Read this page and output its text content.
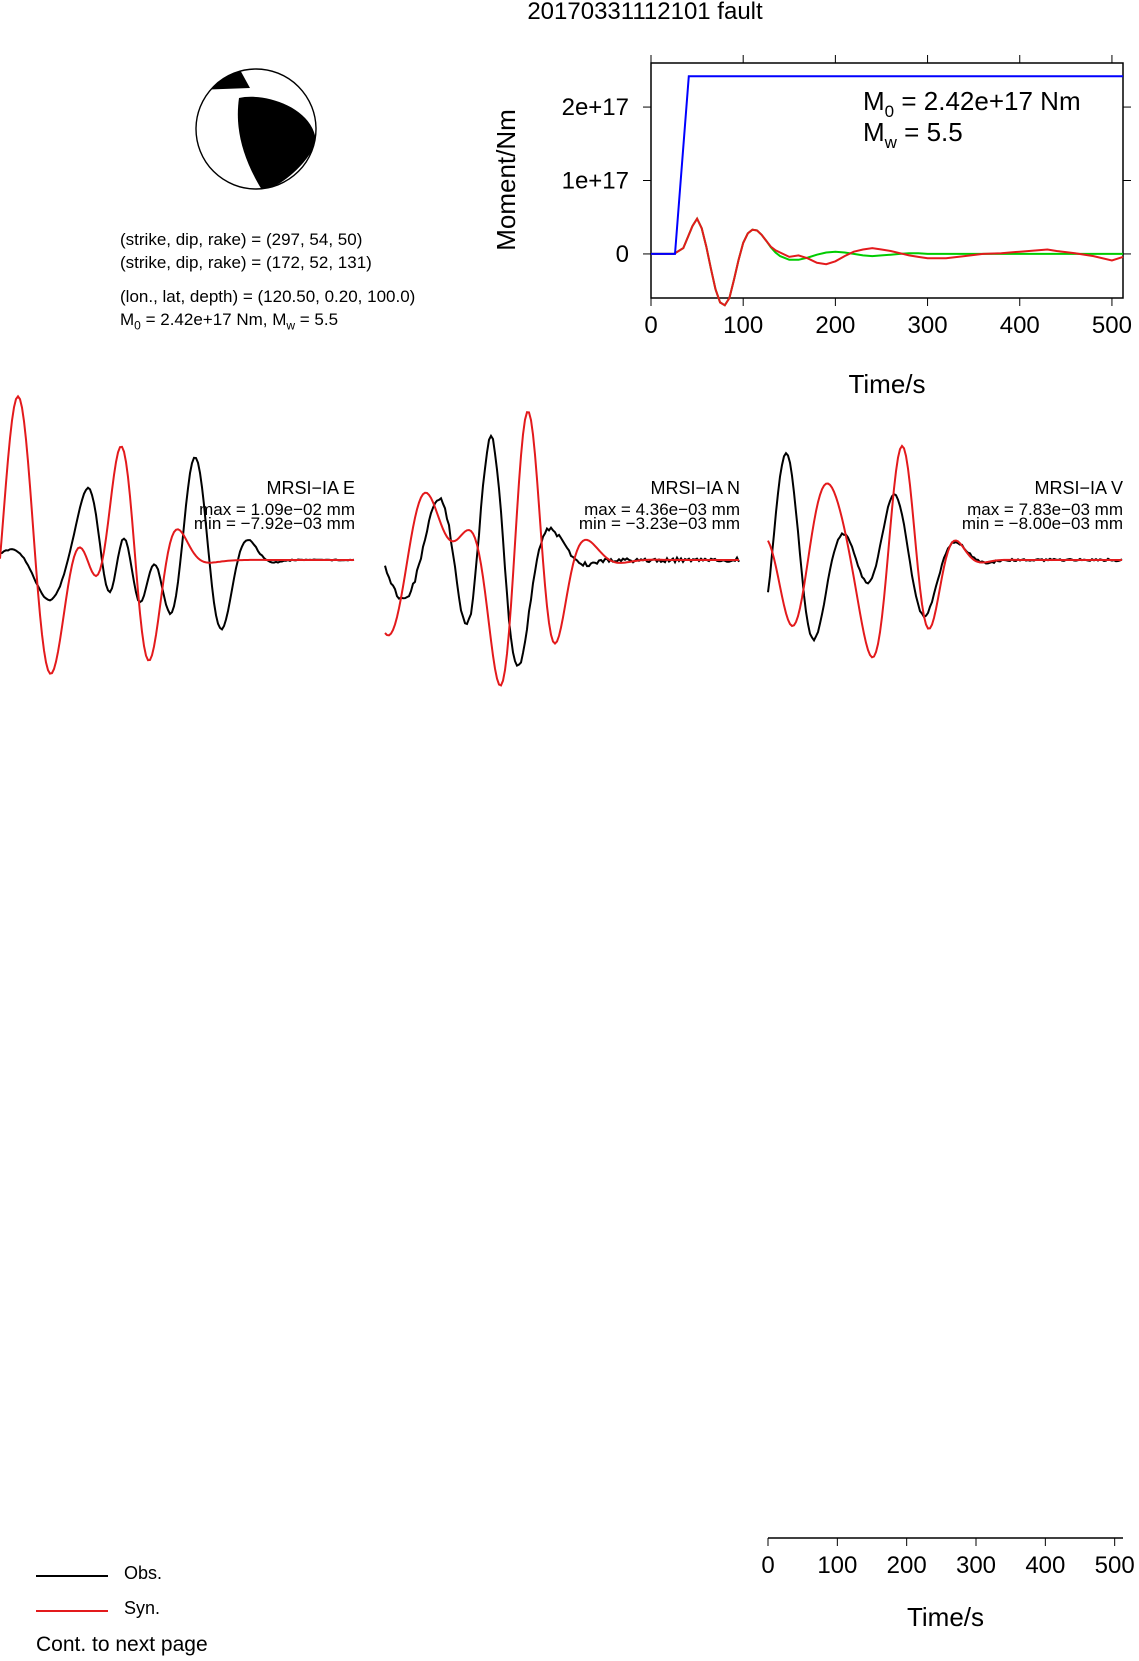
20170331112101 fault
(strike, dip, rake) = (297, 54, 50)
(strike, dip, rake) = (172, 52, 131)
(lon., lat, depth) = (120.50, 0.20, 100.0)
$M_0 = 2.42e+17$ Nm, $M_w = 5.5$	0	100 200 300 400 500
0
1e+17
2e+17
Time/s
Moment/Nm
$M_0 = 2.42e+17$ Nm
$M_w = 5.5$
0 100 200 300 400 500
Time/s
MRSI−IA E
max = 1.09e−02 mm
min = −7.92e−03 mm
MRSI−IA N
max = 4.36e−03 mm
min = −3.23e−03 mm
MRSI−IA V
max = 7.83e−03 mm
min = −8.00e−03 mm
Obs.
Syn.
Cont. to next page
